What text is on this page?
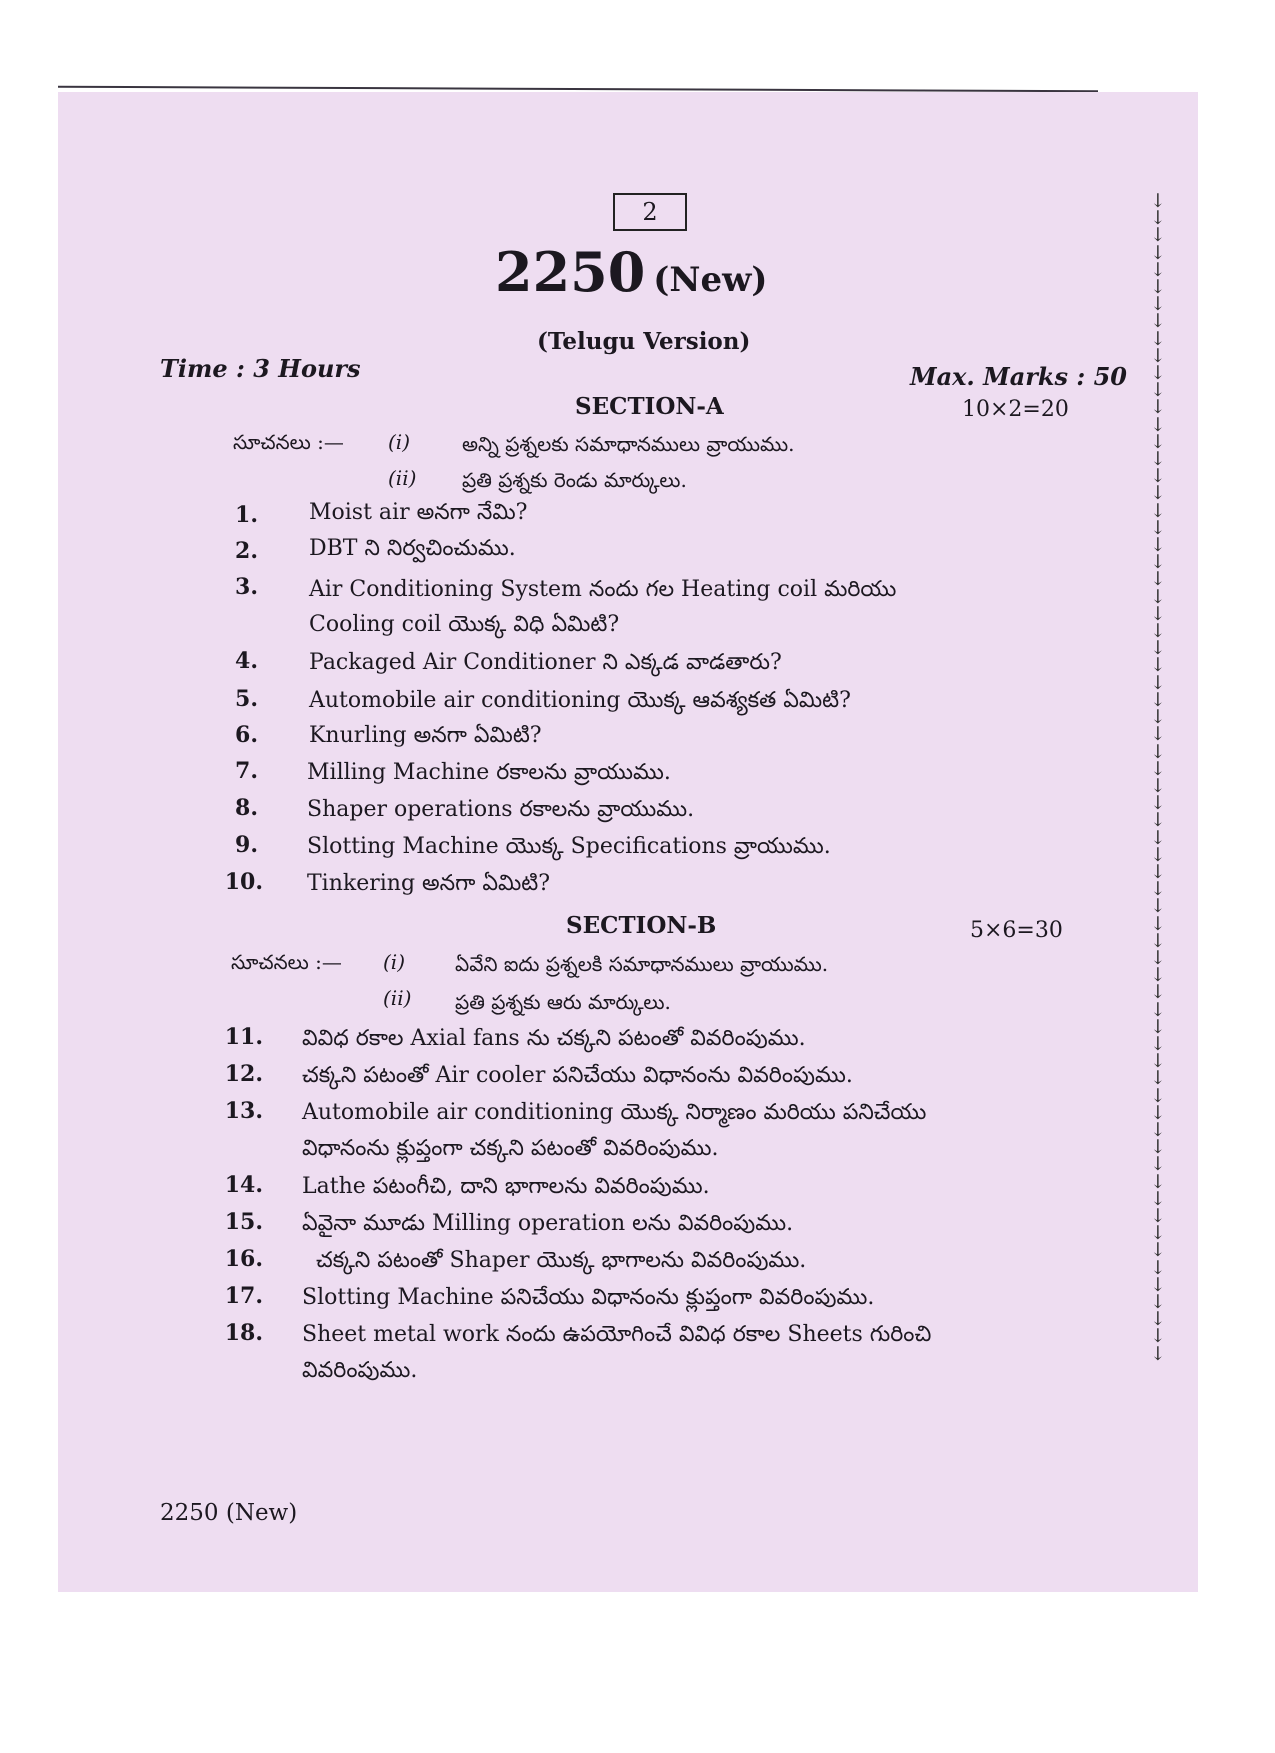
2
2250 (New)
(Telugu Version)
Time : 3 Hours	Max. Marks : 50
SECTION-A	10×2=20
సూచనలు :— (i)	అన్ని ప్రశ్నలకు సమాధానములు వ్రాయుము.
(ii) ప్రతి ప్రశ్నకు రెండు మార్కులు.
1. Moist air అనగా నేమి?
2. DBT ని నిర్వచించుము.
3. Air Conditioning System నందు గల Heating coil మరియు
Cooling coil యొక్క విధి ఏమిటి?
4. Packaged Air Conditioner ని ఎక్కడ వాడతారు?
5. Automobile air conditioning యొక్క ఆవశ్యకత ఏమిటి?
6. Knurling అనగా ఏమిటి?
7. Milling Machine రకాలను వ్రాయుము.
8. Shaper operations రకాలను వ్రాయుము.
9. Slotting Machine యొక్క Specifications వ్రాయుము.
10. Tinkering అనగా ఏమిటి?
SECTION-B	5×6=30
సూచనలు :— (i) ఏవేని ఐదు ప్రశ్నలకి సమాధానములు వ్రాయుము.
(ii) ప్రతి ప్రశ్నకు ఆరు మార్కులు.
11. వివిధ రకాల Axial fans ను చక్కని పటంతో వివరింపుము.
12. చక్కని పటంతో Air cooler పనిచేయు విధానంను వివరింపుము.
13. Automobile air conditioning యొక్క నిర్మాణం మరియు పనిచేయు
విధానంను క్లుప్తంగా చక్కని పటంతో వివరింపుము.
14. Lathe పటంగీచి, దాని భాగాలను వివరింపుము.
15. ఏవైనా మూడు Milling operation లను వివరింపుము.
16. చక్కని పటంతో Shaper యొక్క భాగాలను వివరింపుము.
17. Slotting Machine పనిచేయు విధానంను క్లుప్తంగా వివరింపుము.
18. Sheet metal work నందు ఉపయోగించే వివిధ రకాల Sheets గురించి
వివరింపుము.
↓
↓
↓
↓
↓
↓
↓
↓
↓
↓
↓
↓
↓
↓
↓
↓
↓
↓
↓
↓
↓
↓
↓
↓
↓
↓
↓
↓
↓
↓
↓
↓
↓
↓
↓
↓
↓
↓
↓
↓
↓
↓
↓
↓
↓
↓
↓
↓
↓
↓
↓
↓
↓
↓
↓
↓
↓
↓
↓
↓
↓
↓
↓
↓
↓
↓
↓
↓
2250 (New)
